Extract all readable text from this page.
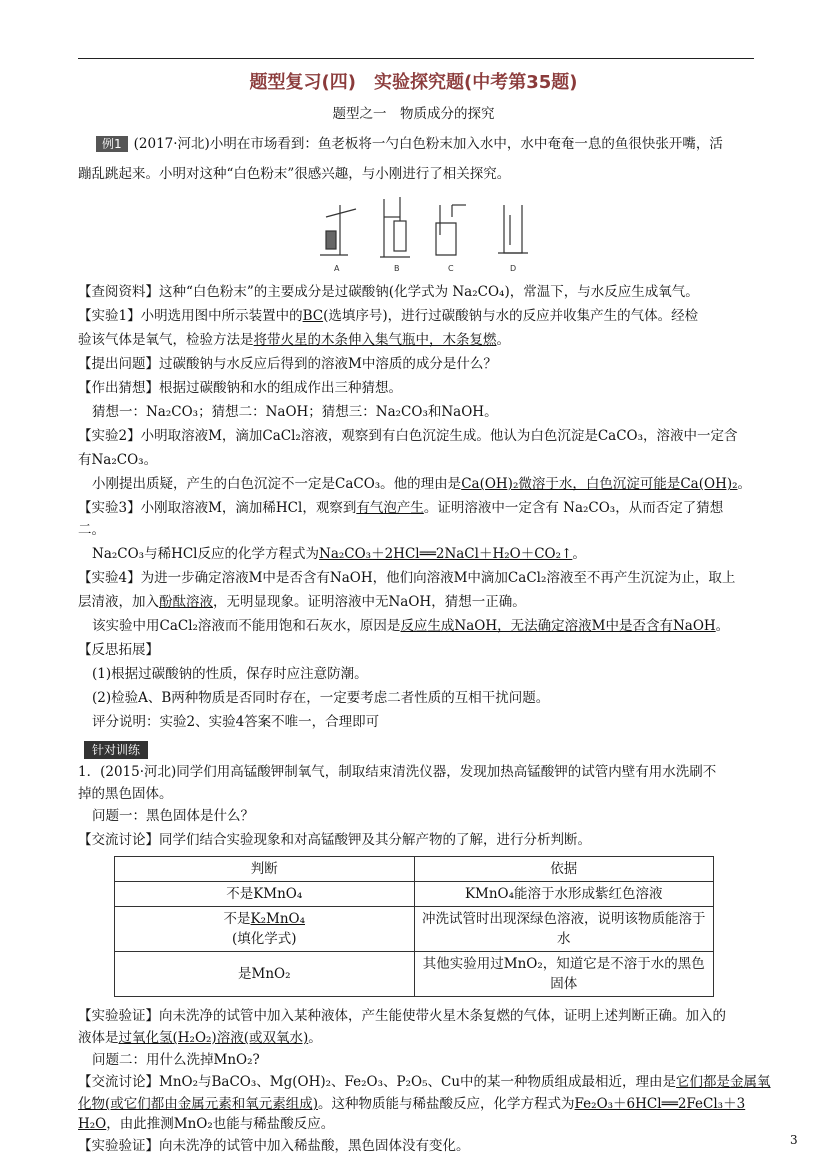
题型复习(四)　实验探究题(中考第35题)
题型之一　物质成分的探究
例1 (2017·河北)小明在市场看到：鱼老板将一勺白色粉末加入水中，水中奄奄一息的鱼很快张开嘴，活
蹦乱跳起来。小明对这种“白色粉末”很感兴趣，与小刚进行了相关探究。
A	B	C	D
【查阅资料】这种“白色粉末”的主要成分是过碳酸钠(化学式为 Na₂CO₄)，常温下，与水反应生成氧气。
【实验1】小明选用图中所示装置中的BC(选填序号)，进行过碳酸钠与水的反应并收集产生的气体。经检
验该气体是氧气，检验方法是将带火星的木条伸入集气瓶中，木条复燃。
【提出问题】过碳酸钠与水反应后得到的溶液M中溶质的成分是什么？
【作出猜想】根据过碳酸钠和水的组成作出三种猜想。
猜想一：Na₂CO₃；猜想二：NaOH；猜想三：Na₂CO₃和NaOH。
【实验2】小明取溶液M，滴加CaCl₂溶液，观察到有白色沉淀生成。他认为白色沉淀是CaCO₃，溶液中一定含
有Na₂CO₃。
小刚提出质疑，产生的白色沉淀不一定是CaCO₃。他的理由是Ca(OH)₂微溶于水，白色沉淀可能是Ca(OH)₂。
【实验3】小刚取溶液M，滴加稀HCl，观察到有气泡产生。证明溶液中一定含有 Na₂CO₃，从而否定了猜想
二。
Na₂CO₃与稀HCl反应的化学方程式为Na₂CO₃＋2HCl══2NaCl＋H₂O＋CO₂↑。
【实验4】为进一步确定溶液M中是否含有NaOH，他们向溶液M中滴加CaCl₂溶液至不再产生沉淀为止，取上
层清液，加入酚酞溶液，无明显现象。证明溶液中无NaOH，猜想一正确。
该实验中用CaCl₂溶液而不能用饱和石灰水，原因是反应生成NaOH，无法确定溶液M中是否含有NaOH。
【反思拓展】
(1)根据过碳酸钠的性质，保存时应注意防潮。
(2)检验A、B两种物质是否同时存在，一定要考虑二者性质的互相干扰问题。
评分说明：实验2、实验4答案不唯一，合理即可
针对训练
1．(2015·河北)同学们用高锰酸钾制氧气，制取结束清洗仪器，发现加热高锰酸钾的试管内壁有用水洗刷不
掉的黑色固体。
问题一：黑色固体是什么？
【交流讨论】同学们结合实验现象和对高锰酸钾及其分解产物的了解，进行分析判断。
判断	依据
不是KMnO₄	KMnO₄能溶于水形成紫红色溶液
不是K₂MnO₄
(填化学式)	冲洗试管时出现深绿色溶液，说明该物质能溶于水
是MnO₂	其他实验用过MnO₂，知道它是不溶于水的黑色固体
【实验验证】向未洗净的试管中加入某种液体，产生能使带火星木条复燃的气体，证明上述判断正确。加入的
液体是过氧化氢(H₂O₂)溶液(或双氧水)。
问题二：用什么洗掉MnO₂?
【交流讨论】MnO₂与BaCO₃、Mg(OH)₂、Fe₂O₃、P₂O₅、Cu中的某一种物质组成最相近，理由是它们都是金属氧
化物(或它们都由金属元素和氧元素组成)。这种物质能与稀盐酸反应，化学方程式为Fe₂O₃＋6HCl══2FeCl₃＋3
H₂O，由此推测MnO₂也能与稀盐酸反应。
【实验验证】向未洗净的试管中加入稀盐酸，黑色固体没有变化。	3
